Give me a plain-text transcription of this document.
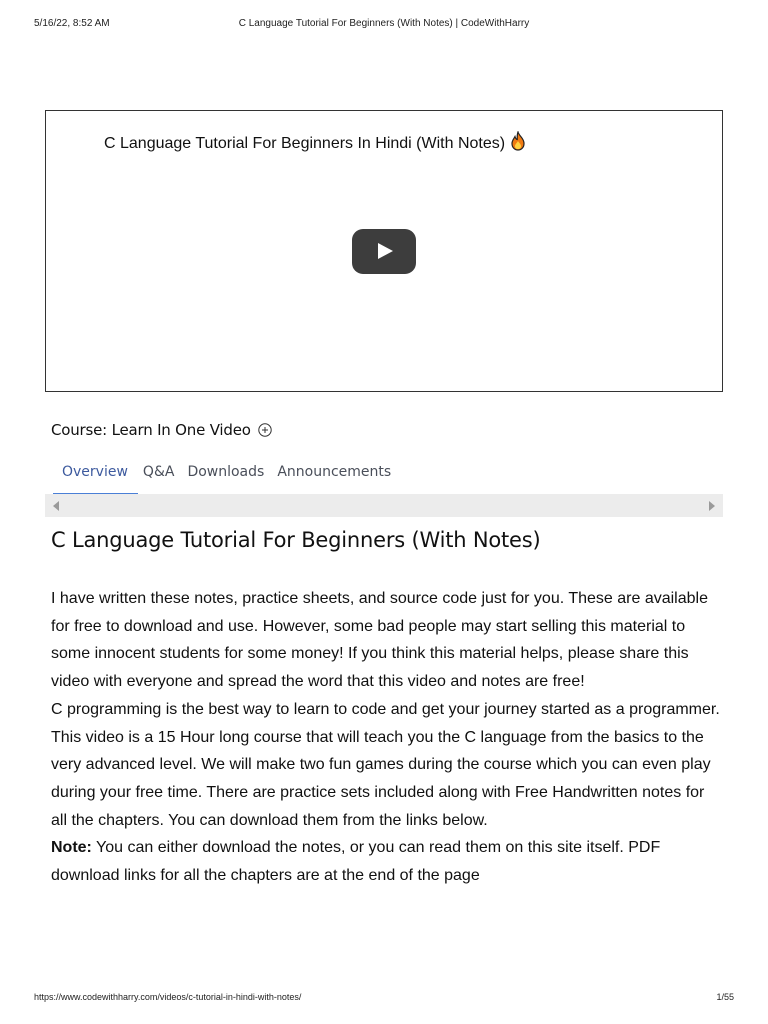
5/16/22, 8:52 AM	C Language Tutorial For Beginners (With Notes) | CodeWithHarry
C Language Tutorial For Beginners In Hindi (With Notes)
Course: Learn In One Video
Overview	Q&A Downloads Announcements
C Language Tutorial For Beginners (With Notes)

I have written these notes, practice sheets, and source code just for you. These are available for free to download and use. However, some bad people may start selling this material to some innocent students for some money! If you think this material helps, please share this video with everyone and spread the word that this video and notes are free!

C programming is the best way to learn to code and get your journey started as a programmer. This video is a 15 Hour long course that will teach you the C language from the basics to the very advanced level. We will make two fun games during the course which you can even play during your free time. There are practice sets included along with Free Handwritten notes for all the chapters. You can download them from the links below.

Note: You can either download the notes, or you can read them on this site itself. PDF download links for all the chapters are at the end of the page

https://www.codewithharry.com/videos/c-tutorial-in-hindi-with-notes/	1/55
